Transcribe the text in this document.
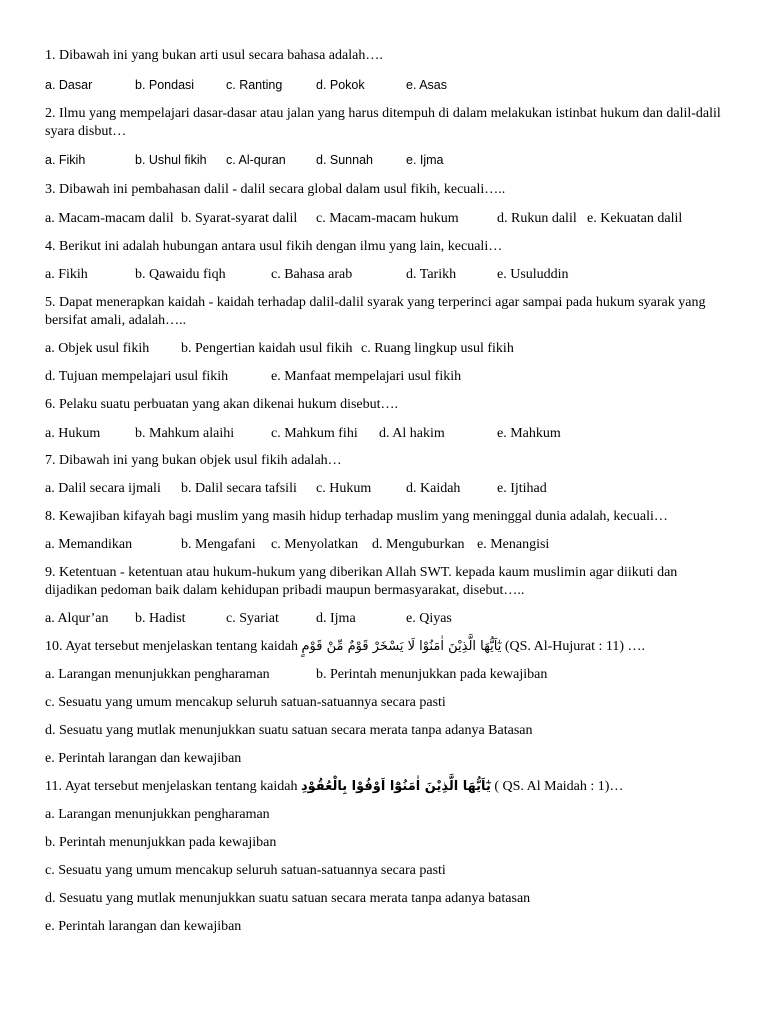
1. Dibawah ini yang bukan arti usul secara bahasa adalah….
a. Dasar	b. Pondasi	c. Ranting	d. Pokok	e. Asas
2. Ilmu yang mempelajari dasar-dasar atau jalan yang harus ditempuh di dalam melakukan istinbat hukum dan dalil-dalil syara disbut…
a. Fikih	b. Ushul fikih c. Al-quran d. Sunnah	e. Ijma
3. Dibawah ini pembahasan dalil - dalil secara global dalam usul fikih, kecuali…..
a. Macam-macam dalil b. Syarat-syarat dalil c. Macam-macam hukum	d. Rukun dalil e. Kekuatan dalil
4. Berikut ini adalah hubungan antara usul fikih dengan ilmu yang lain, kecuali…
a. Fikih	b. Qawaidu fiqh	c. Bahasa arab	d. Tarikh	e. Usuluddin
5. Dapat menerapkan kaidah - kaidah terhadap dalil-dalil syarak yang terperinci agar sampai pada hukum syarak yang bersifat amali, adalah…..
a. Objek usul fikih b. Pengertian kaidah usul fikih c. Ruang lingkup usul fikih
d. Tujuan mempelajari usul fikih	e. Manfaat mempelajari usul fikih
6. Pelaku suatu perbuatan yang akan dikenai hukum disebut….
a. Hukum b. Mahkum alaihi	c. Mahkum fihi d. Al hakim	e. Mahkum
7. Dibawah ini yang bukan objek usul fikih adalah…
a. Dalil secara ijmali b. Dalil secara tafsili c. Hukum d. Kaidah	e. Ijtihad
8. Kewajiban kifayah bagi muslim yang masih hidup terhadap muslim yang meninggal dunia adalah, kecuali…
a. Memandikan	b. Mengafani c. Menyolatkan d. Menguburkan e. Menangisi
9. Ketentuan - ketentuan atau hukum-hukum yang diberikan Allah SWT. kepada kaum muslimin agar diikuti dan dijadikan pedoman baik dalam kehidupan pribadi maupun bermasyarakat, disebut…..
a. Alqur’an b. Hadist	c. Syariat	d. Ijma	e. Qiyas
10. Ayat tersebut menjelaskan tentang kaidah يٰٓاَيُّهَا الَّذِيْنَ اٰمَنُوْا لَا يَسْخَرْ قَوْمٌ مِّنْ قَوْمٍ (QS. Al-Hujurat : 11) ….
a. Larangan menunjukkan pengharaman	b. Perintah menunjukkan pada kewajiban
c. Sesuatu yang umum mencakup seluruh satuan-satuannya secara pasti
d. Sesuatu yang mutlak menunjukkan suatu satuan secara merata tanpa adanya Batasan
e. Perintah larangan dan kewajiban
11. Ayat tersebut menjelaskan tentang kaidah يٰٓاَيُّهَا الَّذِيْنَ اٰمَنُوْٓا اَوْفُوْا بِالْعُقُوْدِ ( QS. Al Maidah : 1)…
a. Larangan menunjukkan pengharaman
b. Perintah menunjukkan pada kewajiban
c. Sesuatu yang umum mencakup seluruh satuan-satuannya secara pasti
d. Sesuatu yang mutlak menunjukkan suatu satuan secara merata tanpa adanya batasan
e. Perintah larangan dan kewajiban
